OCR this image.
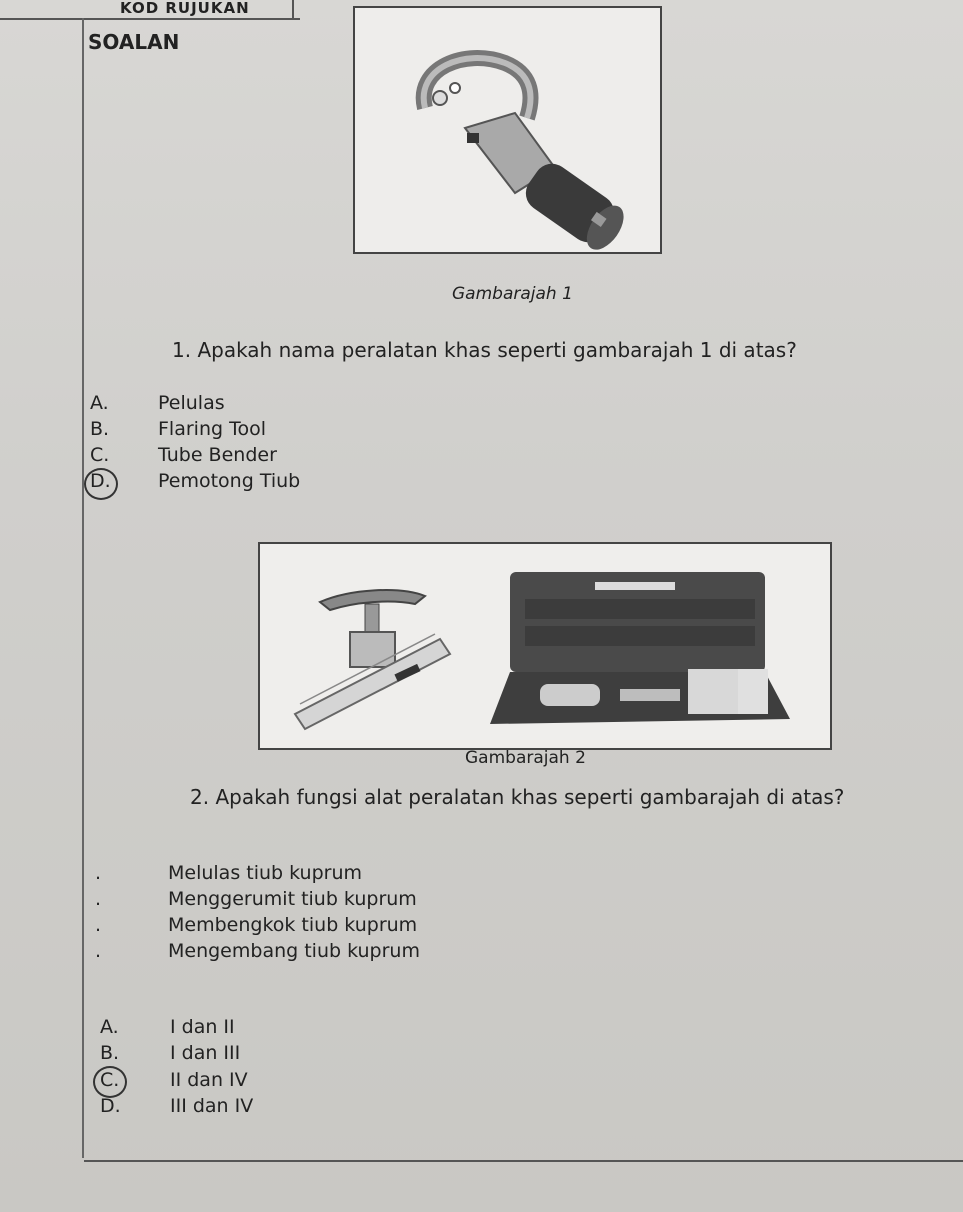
KOD RUJUKAN
SOALAN
Gambarajah 1
1. Apakah nama peralatan khas seperti gambarajah 1 di atas?
A.	Pelulas
B.	Flaring Tool
C.	Tube Bender
D. Pemotong Tiub
Gambarajah 2
2. Apakah fungsi alat peralatan khas seperti gambarajah di atas?
.	Melulas tiub kuprum
.	Menggerumit tiub kuprum
.	Membengkok tiub kuprum
.	Mengembang tiub kuprum
A.	I dan II
B.	I dan III
C.	II dan IV
D.	III dan IV
